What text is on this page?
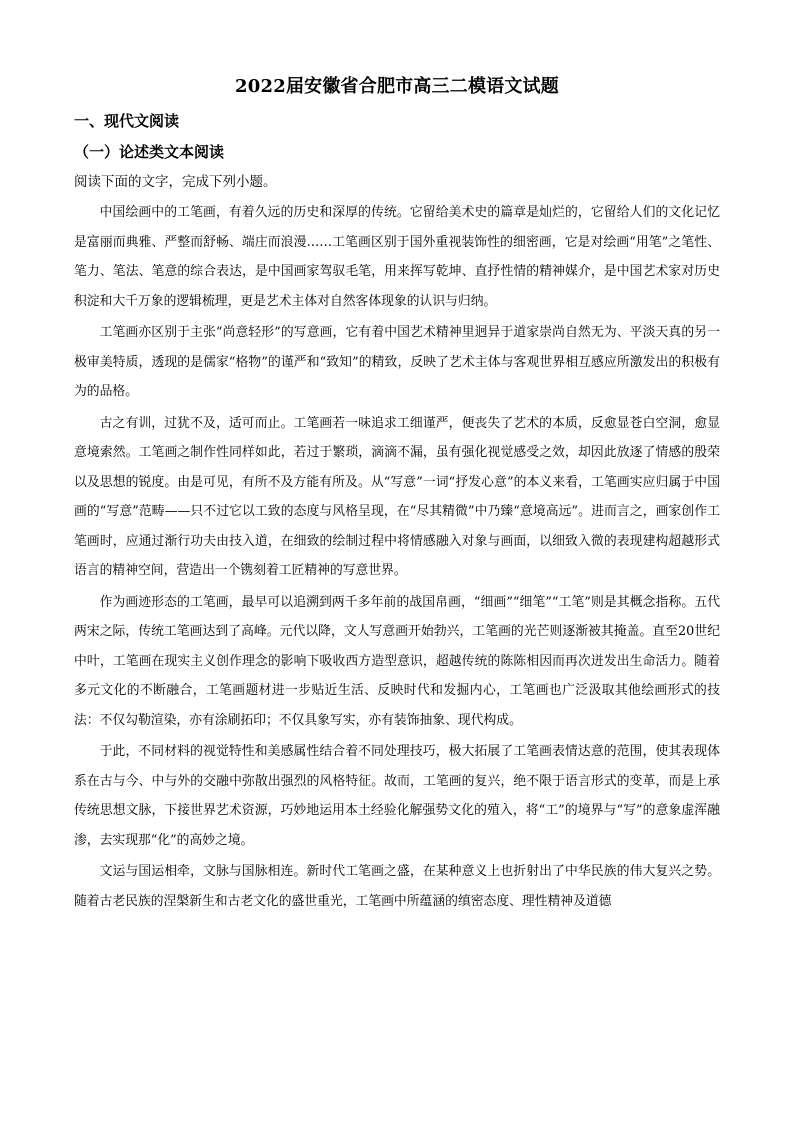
2022届安徽省合肥市高三二模语文试题
一、现代文阅读
（一）论述类文本阅读
阅读下面的文字，完成下列小题。

中国绘画中的工笔画，有着久远的历史和深厚的传统。它留给美术史的篇章是灿烂的，它留给人们的文化记忆是富丽而典雅、严整而舒畅、端庄而浪漫……工笔画区别于国外重视装饰性的细密画，它是对绘画“用笔”之笔性、笔力、笔法、笔意的综合表达，是中国画家驾驭毛笔，用来挥写乾坤、直抒性情的精神媒介，是中国艺术家对历史积淀和大千万象的逻辑梳理，更是艺术主体对自然客体现象的认识与归纳。

工笔画亦区别于主张“尚意轻形”的写意画，它有着中国艺术精神里迥异于道家崇尚自然无为、平淡天真的另一极审美特质，透现的是儒家“格物”的谨严和“致知”的精致，反映了艺术主体与客观世界相互感应所激发出的积极有为的品格。

古之有训，过犹不及，适可而止。工笔画若一味追求工细谨严，便丧失了艺术的本质，反愈显苍白空洞，愈显意境索然。工笔画之制作性同样如此，若过于繁琐，滴滴不漏，虽有强化视觉感受之效，却因此放逐了情感的殷荣以及思想的锐度。由是可见，有所不及方能有所及。从“写意”一词“抒发心意”的本义来看，工笔画实应归属于中国画的“写意”范畴——只不过它以工致的态度与风格呈现，在“尽其精微”中乃臻“意境高远”。进而言之，画家创作工笔画时，应通过渐行功夫由技入道，在细致的绘制过程中将情感融入对象与画面，以细致入微的表现建构超越形式语言的精神空间，营造出一个镌刻着工匠精神的写意世界。

作为画迹形态的工笔画，最早可以追溯到两千多年前的战国帛画，“细画”“细笔”“工笔”则是其概念指称。五代两宋之际，传统工笔画达到了高峰。元代以降，文人写意画开始勃兴，工笔画的光芒则逐渐被其掩盖。直至20世纪中叶，工笔画在现实主义创作理念的影响下吸收西方造型意识，超越传统的陈陈相因而再次迸发出生命活力。随着多元文化的不断融合，工笔画题材进一步贴近生活、反映时代和发掘内心，工笔画也广泛汲取其他绘画形式的技法：不仅勾勒渲染，亦有涂刷拓印；不仅具象写实，亦有装饰抽象、现代构成。

于此，不同材料的视觉特性和美感属性结合着不同处理技巧，极大拓展了工笔画表情达意的范围，使其表现体系在古与今、中与外的交融中弥散出强烈的风格特征。故而，工笔画的复兴，绝不限于语言形式的变革，而是上承传统思想文脉，下接世界艺术资源，巧妙地运用本土经验化解强势文化的殖入，将“工”的境界与“写”的意象虚浑融渗，去实现那“化”的高妙之境。

文运与国运相牵，文脉与国脉相连。新时代工笔画之盛，在某种意义上也折射出了中华民族的伟大复兴之势。随着古老民族的涅槃新生和古老文化的盛世重光，工笔画中所蕴涵的缜密态度、理性精神及道德
